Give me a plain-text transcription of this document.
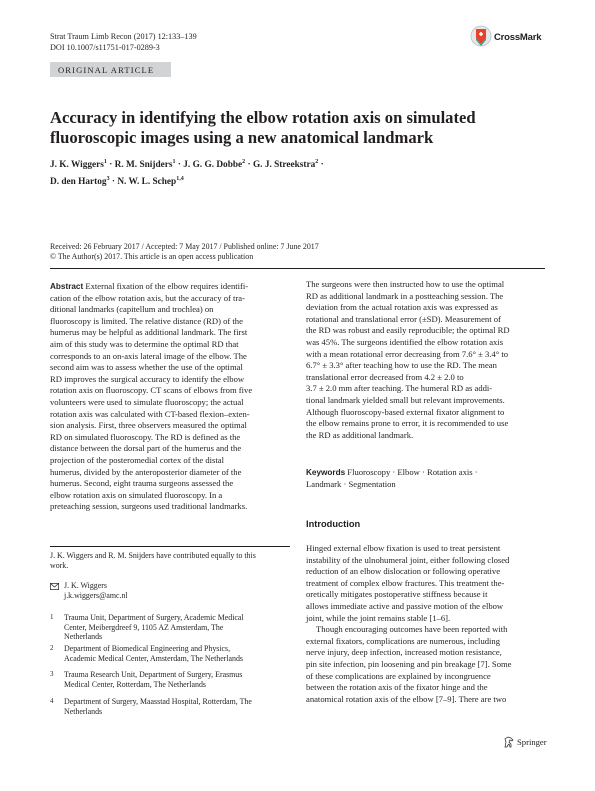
Strat Traum Limb Recon (2017) 12:133–139
DOI 10.1007/s11751-017-0289-3
CrossMark
ORIGINAL ARTICLE
Accuracy in identifying the elbow rotation axis on simulated
fluoroscopic images using a new anatomical landmark
J. K. Wiggers$^1$ · R. M. Snijders$^1$ · J. G. G. Dobbe$^2$ · G. J. Streekstra$^2$ ·
D. den Hartog$^3$ · N. W. L. Schep$^{1,4}$
Received: 26 February 2017 / Accepted: 7 May 2017 / Published online: 7 June 2017
© The Author(s) 2017. This article is an open access publication
Abstract External fixation of the elbow requires identifi-
cation of the elbow rotation axis, but the accuracy of tra-
ditional landmarks (capitellum and trochlea) on
fluoroscopy is limited. The relative distance (RD) of the
humerus may be helpful as additional landmark. The first
aim of this study was to determine the optimal RD that
corresponds to an on-axis lateral image of the elbow. The
second aim was to assess whether the use of the optimal
RD improves the surgical accuracy to identify the elbow
rotation axis on fluoroscopy. CT scans of elbows from five
volunteers were used to simulate fluoroscopy; the actual
rotation axis was calculated with CT-based flexion–exten-
sion analysis. First, three observers measured the optimal
RD on simulated fluoroscopy. The RD is defined as the
distance between the dorsal part of the humerus and the
projection of the posteromedial cortex of the distal
humerus, divided by the anteroposterior diameter of the
humerus. Second, eight trauma surgeons assessed the
elbow rotation axis on simulated fluoroscopy. In a
preteaching session, surgeons used traditional landmarks.
The surgeons were then instructed how to use the optimal
RD as additional landmark in a postteaching session. The
deviation from the actual rotation axis was expressed as
rotational and translational error (±SD). Measurement of
the RD was robust and easily reproducible; the optimal RD
was 45%. The surgeons identified the elbow rotation axis
with a mean rotational error decreasing from 7.6° ± 3.4° to
6.7° ± 3.3° after teaching how to use the RD. The mean
translational error decreased from 4.2 ± 2.0 to
3.7 ± 2.0 mm after teaching. The humeral RD as addi-
tional landmark yielded small but relevant improvements.
Although fluoroscopy-based external fixator alignment to
the elbow remains prone to error, it is recommended to use
the RD as additional landmark.
Keywords Fluoroscopy · Elbow · Rotation axis ·
Landmark · Segmentation
Introduction
Hinged external elbow fixation is used to treat persistent
instability of the ulnohumeral joint, either following closed
reduction of an elbow dislocation or following operative
treatment of complex elbow fractures. This treatment the-
oretically mitigates postoperative stiffness because it
allows immediate active and passive motion of the elbow
joint, while the joint remains stable [1–6].
Though encouraging outcomes have been reported with
external fixators, complications are numerous, including
nerve injury, deep infection, increased motion resistance,
pin site infection, pin loosening and pin breakage [7]. Some
of these complications are explained by incongruence
between the rotation axis of the fixator hinge and the
anatomical rotation axis of the elbow [7–9]. There are two
J. K. Wiggers and R. M. Snijders have contributed equally to this
work.
J. K. Wiggers
j.k.wiggers@amc.nl
1 Trauma Unit, Department of Surgery, Academic Medical
Center, Meibergdreef 9, 1105 AZ Amsterdam, The
Netherlands
2 Department of Biomedical Engineering and Physics,
Academic Medical Center, Amsterdam, The Netherlands
3 Trauma Research Unit, Department of Surgery, Erasmus
Medical Center, Rotterdam, The Netherlands
4 Department of Surgery, Maasstad Hospital, Rotterdam, The
Netherlands
Springer
